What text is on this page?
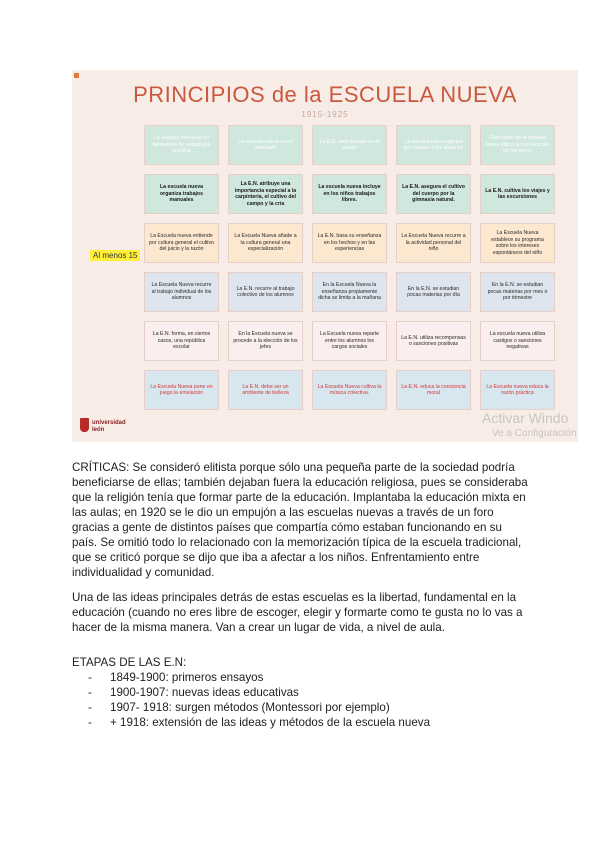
PRINCIPIOS de la ESCUELA NUEVA
1915-1925
Al menos 15
La escuela nueva es un laboratorio de pedagogía práctica
La escuela nueva es un internado
La E.N. está situada en el campo
La escuela nueva agrupa por edades a los alumnos
Gran parte de la escuela nueva utiliza la coeducación de los sexos
La escuela nueva organiza trabajos manuales
La E.N. atribuye una importancia especial a la carpintería, el cultivo del campo y la cría
La escuela nueva incluye en los niños trabajos libres.
La E.N. asegura el cultivo del cuerpo por la gimnasia natural.
La E.N. cultiva los viajes y las excursiones
La Escuela nueva entiende por cultura general el cultivo del juicio y la razón
La Escuela Nueva añade a la cultura general una especialización
La E.N. basa su enseñanza en los hechos y en las experiencias
La Escuela Nueva recurre a la actividad personal del niño
La Escuela Nueva establece su programa sobre los intereses espontáneos del niño
La Escuela Nueva recurre al trabajo individual de los alumnos
La E.N. recurre al trabajo colectivo de los alumnos
En la Escuela Nueva la enseñanza propiamente dicha se limita a la mañana
En la E.N. se estudian pocas materias por día
En la E.N. se estudian pocas materias por mes o por trimestre
La E.N. forma, en ciertos casos, una república escolar
En la Escuela nueva se procede a la elección de los jefes
La Escuela nueva reparte entre los alumnos los cargos sociales
La E.N. utiliza recompensas o sanciones positivas
La escuela nueva utiliza castigos o sanciones negativas
La Escuela Nueva pone en juego la emulación
La E.N. debe ser un ambiente de belleza
La Escuela Nueva cultiva la música colectiva.
La E.N. educa la conciencia moral
La Escuela nueva educa la razón práctica
universidad
león
Activar Windo
Ve a Configuración

CRÍTICAS: Se consideró elitista porque sólo una pequeña parte de la sociedad podría beneficiarse de ellas; también dejaban fuera la educación religiosa, pues se consideraba que la religión tenía que formar parte de la educación. Implantaba la educación mixta en las aulas; en 1920 se le dio un empujón a las escuelas nuevas a través de un foro gracias a gente de distintos países que compartía cómo estaban funcionando en su país. Se omitió todo lo relacionado con la memorización típica de la escuela tradicional, que se criticó porque se dijo que iba a afectar a los niños. Enfrentamiento entre individualidad y comunidad.

Una de las ideas principales detrás de estas escuelas es la libertad, fundamental en la educación (cuando no eres libre de escoger, elegir y formarte como te gusta no lo vas a hacer de la misma manera. Van a crear un lugar de vida, a nivel de aula.

ETAPAS DE LAS E.N:
- 1849-1900: primeros ensayos
- 1900-1907: nuevas ideas educativas
- 1907- 1918: surgen métodos (Montessori por ejemplo)
- + 1918: extensión de las ideas y métodos de la escuela nueva
